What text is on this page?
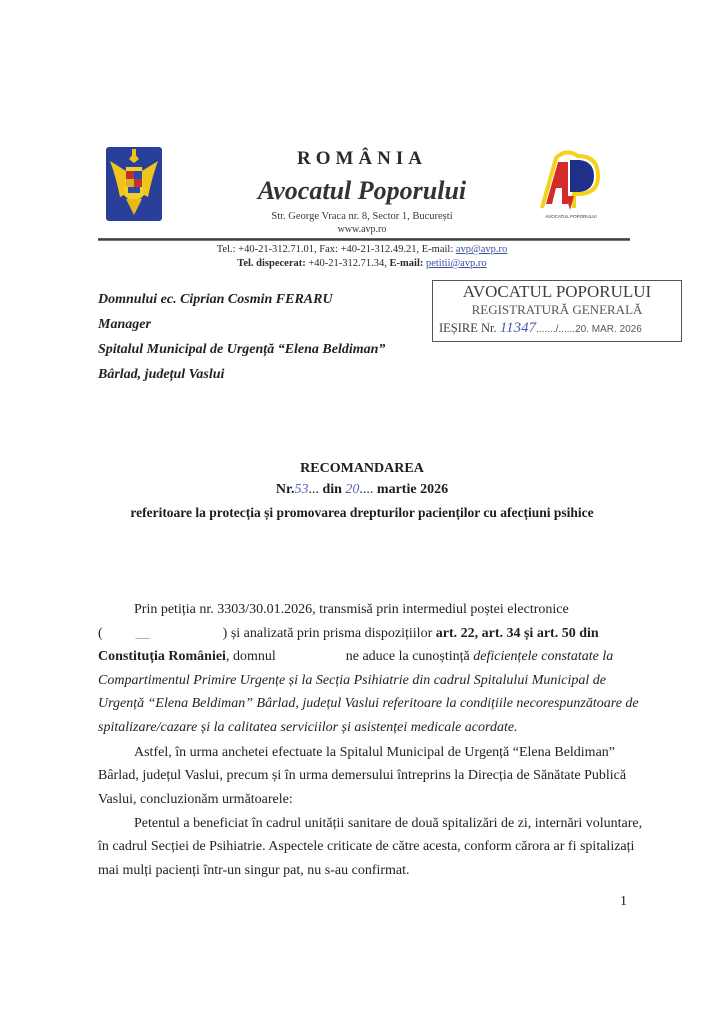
ROMÂNIA
Avocatul Poporului
Str. George Vraca nr. 8, Sector 1, București
www.avp.ro
AVOCATUL POPORULUI
Tel.: +40-21-312.71.01, Fax: +40-21-312.49.21, E-mail: avp@avp.ro
Tel. dispecerat: +40-21-312.71.34, E-mail: petitii@avp.ro
Domnului ec. Ciprian Cosmin FERARU
Manager
Spitalul Municipal de Urgență “Elena Beldiman”
Bârlad, județul Vaslui
AVOCATUL POPORULUI
REGISTRATURĂ GENERALĂ
IEȘIRE Nr. 11347......./......20. MAR. 2026
RECOMANDAREA
Nr.53... din 20.... martie 2026
referitoare la protecția și promovarea drepturilor pacienților cu afecțiuni psihice
Prin petiția nr. 3303/30.01.2026, transmisă prin intermediul poștei electronice
( __	) și analizată prin prisma dispozițiilor art. 22, art. 34 și art. 50 din
Constituția României, domnul	ne aduce la cunoștință deficiențele constatate la
Compartimentul Primire Urgențe și la Secția Psihiatrie din cadrul Spitalului Municipal de
Urgență “Elena Beldiman” Bârlad, județul Vaslui referitoare la condițiile necorespunzătoare de
spitalizare/cazare și la calitatea serviciilor și asistenței medicale acordate.
Astfel, în urma anchetei efectuate la Spitalul Municipal de Urgență “Elena Beldiman”
Bârlad, județul Vaslui, precum și în urma demersului întreprins la Direcția de Sănătate Publică
Vaslui, concluzionăm următoarele:
Petentul a beneficiat în cadrul unității sanitare de două spitalizări de zi, internări voluntare,
în cadrul Secției de Psihiatrie. Aspectele criticate de către acesta, conform cărora ar fi spitalizați
mai mulți pacienți într-un singur pat, nu s-au confirmat.
1
